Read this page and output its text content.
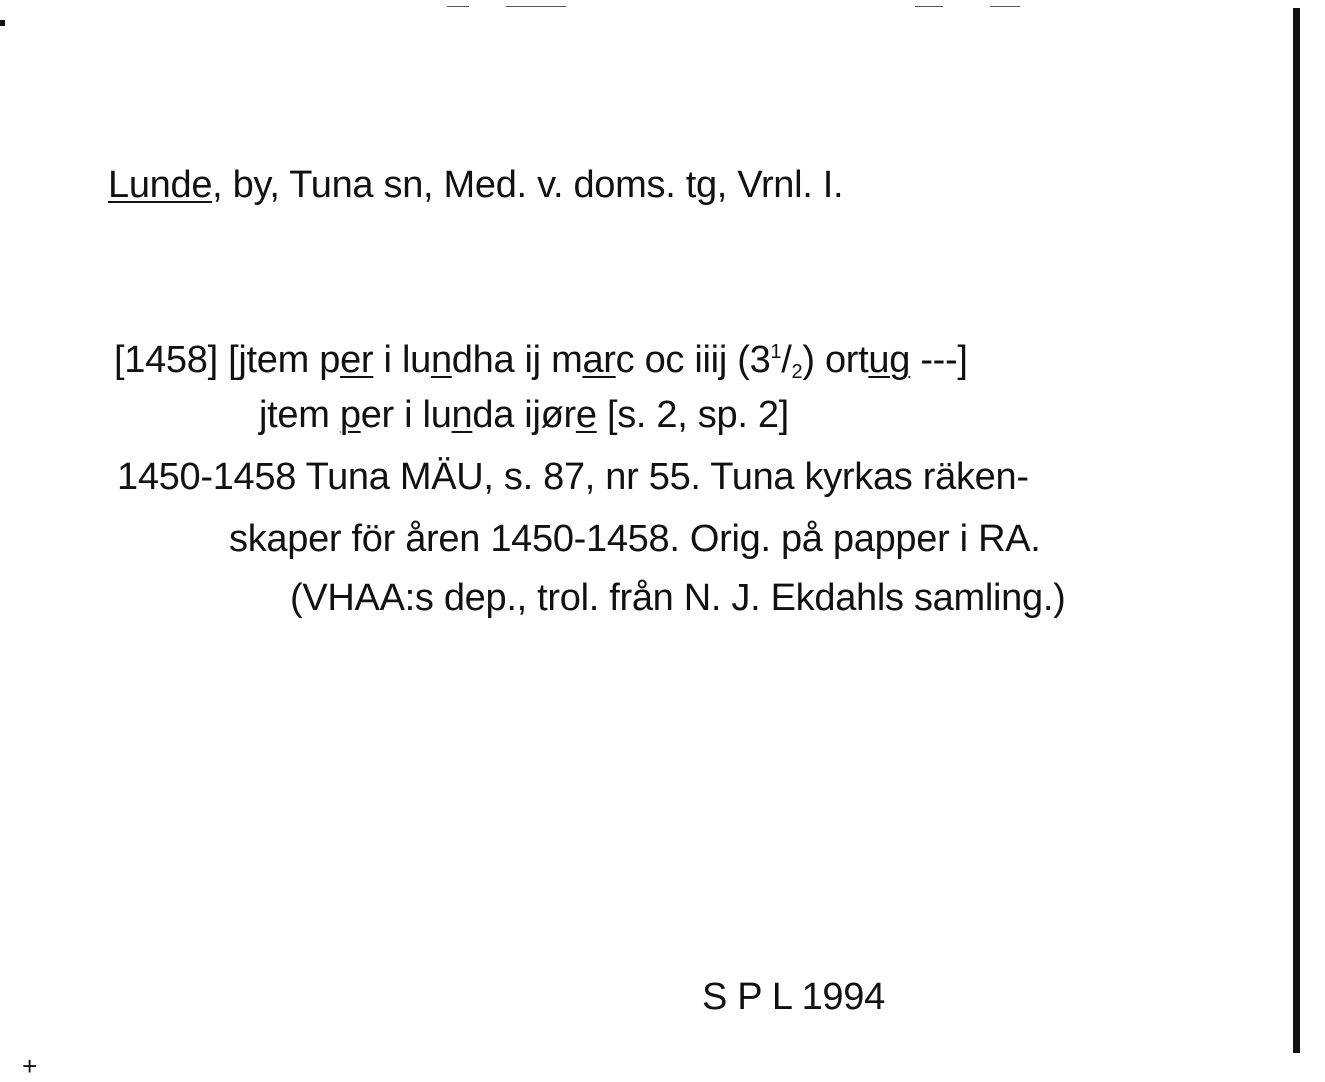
Lunde, by, Tuna sn, Med. v. doms. tg, Vrnl. I.
[1458] [jtem per i lundha ij marc oc iiij $(3^1/_2)$ ortug ---]
jtem per i lunda ijøre [s. 2, sp. 2]
1450-1458 Tuna MÄU, s. 87, nr 55. Tuna kyrkas räken-
skaper för åren 1450-1458. Orig. på papper i RA.
(VHAA:s dep., trol. från N. J. Ekdahls samling.)
S P L 1994
+
